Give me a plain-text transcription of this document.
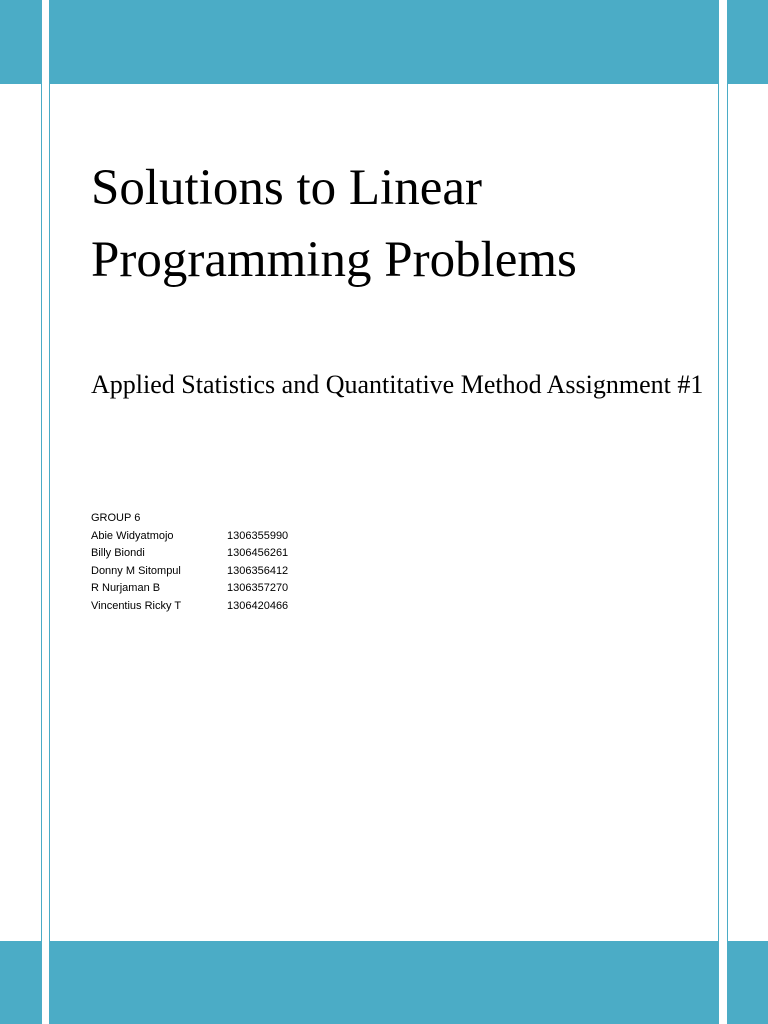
Solutions to Linear Programming Problems
Applied Statistics and Quantitative Method Assignment #1
GROUP 6
Abie Widyatmojo	1306355990
Billy Biondi	1306456261
Donny M Sitompul	1306356412
R Nurjaman B	1306357270
Vincentius Ricky T	1306420466
